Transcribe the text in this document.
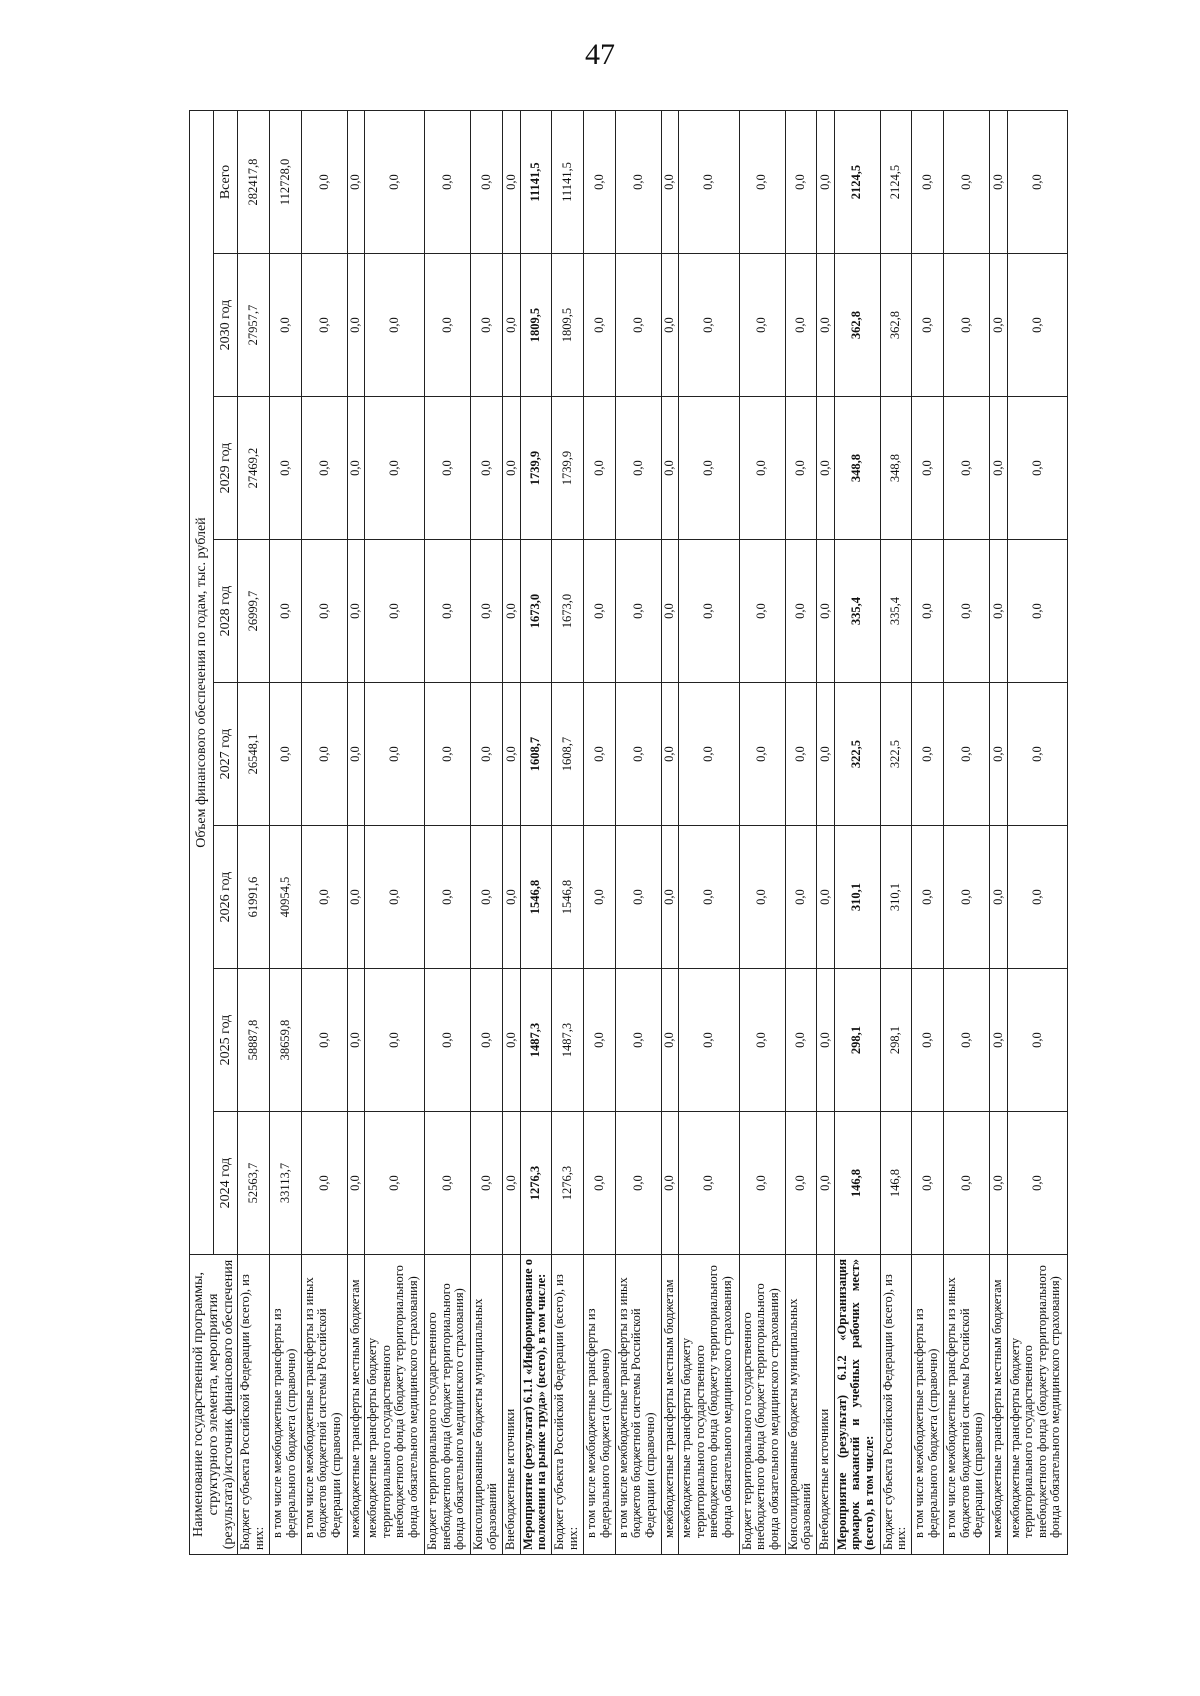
47
Наименование государственной программы, структурного элемента, мероприятия (результата)/источник финансового обеспечения	Объем финансового обеспечения по годам, тыс. рублей							
	2024 год	2025 год	2026 год	2027 год	2028 год	2029 год	2030 год	Всего
Бюджет субъекта Российской Федерации (всего), из них:	52563,7	58887,8	61991,6	26548,1	26999,7	27469,2	27957,7	282417,8
в том числе межбюджетные трансферты из федерального бюджета (справочно)	33113,7	38659,8	40954,5	0,0	0,0	0,0	0,0	112728,0
в том числе межбюджетные трансферты из иных бюджетов бюджетной системы Российской Федерации (справочно)	0,0	0,0	0,0	0,0	0,0	0,0	0,0	0,0
межбюджетные трансферты местным бюджетам	0,0	0,0	0,0	0,0	0,0	0,0	0,0	0,0
межбюджетные трансферты бюджету территориального государственного внебюджетного фонда (бюджету территориального фонда обязательного медицинского страхования)	0,0	0,0	0,0	0,0	0,0	0,0	0,0	0,0
Бюджет территориального государственного внебюджетного фонда (бюджет территориального фонда обязательного медицинского страхования)	0,0	0,0	0,0	0,0	0,0	0,0	0,0	0,0
Консолидированные бюджеты муниципальных образований	0,0	0,0	0,0	0,0	0,0	0,0	0,0	0,0
Внебюджетные источники	0,0	0,0	0,0	0,0	0,0	0,0	0,0	0,0
Мероприятие (результат) 6.1.1 «Информирование о положении на рынке труда» (всего), в том числе:	1276,3	1487,3	1546,8	1608,7	1673,0	1739,9	1809,5	11141,5
Бюджет субъекта Российской Федерации (всего), из них:	1276,3	1487,3	1546,8	1608,7	1673,0	1739,9	1809,5	11141,5
в том числе межбюджетные трансферты из федерального бюджета (справочно)	0,0	0,0	0,0	0,0	0,0	0,0	0,0	0,0
в том числе межбюджетные трансферты из иных бюджетов бюджетной системы Российской Федерации (справочно)	0,0	0,0	0,0	0,0	0,0	0,0	0,0	0,0
межбюджетные трансферты местным бюджетам	0,0	0,0	0,0	0,0	0,0	0,0	0,0	0,0
межбюджетные трансферты бюджету территориального государственного внебюджетного фонда (бюджету территориального фонда обязательного медицинского страхования)	0,0	0,0	0,0	0,0	0,0	0,0	0,0	0,0
Бюджет территориального государственного внебюджетного фонда (бюджет территориального фонда обязательного медицинского страхования)	0,0	0,0	0,0	0,0	0,0	0,0	0,0	0,0
Консолидированные бюджеты муниципальных образований	0,0	0,0	0,0	0,0	0,0	0,0	0,0	0,0
Внебюджетные источники	0,0	0,0	0,0	0,0	0,0	0,0	0,0	0,0
Мероприятие (результат) 6.1.2 «Организация ярмарок вакансий и учебных рабочих мест» (всего), в том числе:	146,8	298,1	310,1	322,5	335,4	348,8	362,8	2124,5
Бюджет субъекта Российской Федерации (всего), из них:	146,8	298,1	310,1	322,5	335,4	348,8	362,8	2124,5
в том числе межбюджетные трансферты из федерального бюджета (справочно)	0,0	0,0	0,0	0,0	0,0	0,0	0,0	0,0
в том числе межбюджетные трансферты из иных бюджетов бюджетной системы Российской Федерации (справочно)	0,0	0,0	0,0	0,0	0,0	0,0	0,0	0,0
межбюджетные трансферты местным бюджетам	0,0	0,0	0,0	0,0	0,0	0,0	0,0	0,0
межбюджетные трансферты бюджету территориального государственного внебюджетного фонда (бюджету территориального фонда обязательного медицинского страхования)	0,0	0,0	0,0	0,0	0,0	0,0	0,0	0,0
